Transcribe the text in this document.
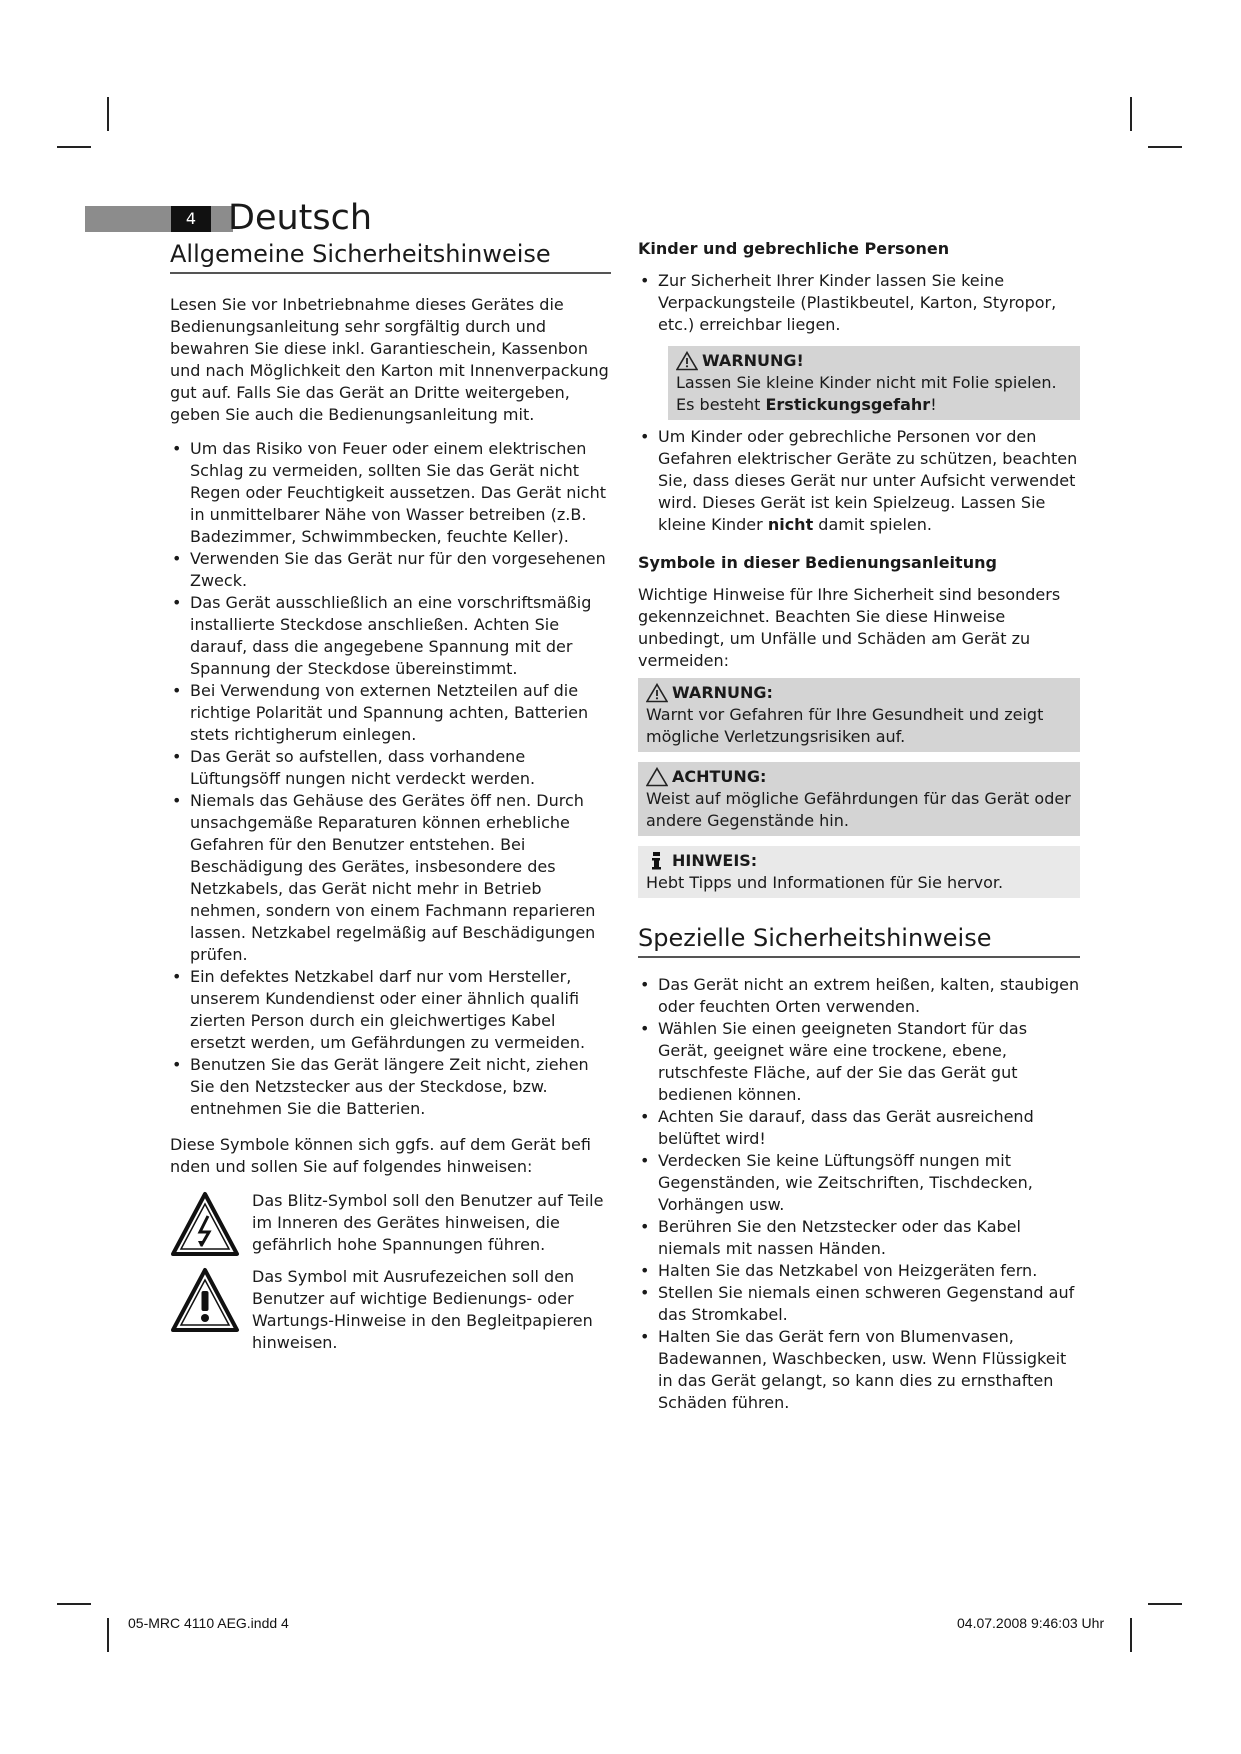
4 Deutsch
Allgemeine Sicherheitshinweise

Lesen Sie vor Inbetriebnahme dieses Gerätes die Bedienungsanleitung sehr sorgfältig durch und bewahren Sie diese inkl. Garantieschein, Kassenbon und nach Möglichkeit den Karton mit Innenverpackung gut auf. Falls Sie das Gerät an Dritte weitergeben, geben Sie auch die Bedienungsanleitung mit.

• Um das Risiko von Feuer oder einem elektrischen Schlag zu vermeiden, sollten Sie das Gerät nicht Regen oder Feuchtigkeit aussetzen. Das Gerät nicht in unmittelbarer Nähe von Wasser betreiben (z.B. Badezimmer, Schwimmbecken, feuchte Keller).
• Verwenden Sie das Gerät nur für den vorgesehenen Zweck.
• Das Gerät ausschließlich an eine vorschriftsmäßig installierte Steckdose anschließen. Achten Sie darauf, dass die angegebene Spannung mit der Spannung der Steckdose übereinstimmt.
• Bei Verwendung von externen Netzteilen auf die richtige Polarität und Spannung achten, Batterien stets richtigherum einlegen.
• Das Gerät so aufstellen, dass vorhandene Lüftungsöff nungen nicht verdeckt werden.
• Niemals das Gehäuse des Gerätes öff nen. Durch unsachgemäße Reparaturen können erhebliche Gefahren für den Benutzer entstehen. Bei Beschädigung des Gerätes, insbesondere des Netzkabels, das Gerät nicht mehr in Betrieb nehmen, sondern von einem Fachmann reparieren lassen. Netzkabel regelmäßig auf Beschädigungen prüfen.
• Ein defektes Netzkabel darf nur vom Hersteller, unserem Kundendienst oder einer ähnlich qualifi zierten Person durch ein gleichwertiges Kabel ersetzt werden, um Gefährdungen zu vermeiden.
• Benutzen Sie das Gerät längere Zeit nicht, ziehen Sie den Netzstecker aus der Steckdose, bzw. entnehmen Sie die Batterien.

Diese Symbole können sich ggfs. auf dem Gerät befi nden und sollen Sie auf folgendes hinweisen:

Das Blitz-Symbol soll den Benutzer auf Teile im Inneren des Gerätes hinweisen, die gefährlich hohe Spannungen führen.

Das Symbol mit Ausrufezeichen soll den Benutzer auf wichtige Bedienungs- oder Wartungs-Hinweise in den Begleitpapieren hinweisen.

Kinder und gebrechliche Personen
• Zur Sicherheit Ihrer Kinder lassen Sie keine Verpackungsteile (Plastikbeutel, Karton, Styropor, etc.) erreichbar liegen.
WARNUNG!

Lassen Sie kleine Kinder nicht mit Folie spielen.

Es besteht Erstickungsgefahr!

• Um Kinder oder gebrechliche Personen vor den Gefahren elektrischer Geräte zu schützen, beachten Sie, dass dieses Gerät nur unter Aufsicht verwendet wird. Dieses Gerät ist kein Spielzeug. Lassen Sie kleine Kinder nicht damit spielen.
Symbole in dieser Bedienungsanleitung

Wichtige Hinweise für Ihre Sicherheit sind besonders gekennzeichnet. Beachten Sie diese Hinweise unbedingt, um Unfälle und Schäden am Gerät zu vermeiden:

WARNUNG:

Warnt vor Gefahren für Ihre Gesundheit und zeigt mögliche Verletzungsrisiken auf.

ACHTUNG:

Weist auf mögliche Gefährdungen für das Gerät oder andere Gegenstände hin.

HINWEIS:

Hebt Tipps und Informationen für Sie hervor.

Spezielle Sicherheitshinweise
• Das Gerät nicht an extrem heißen, kalten, staubigen oder feuchten Orten verwenden.
• Wählen Sie einen geeigneten Standort für das Gerät, geeignet wäre eine trockene, ebene, rutschfeste Fläche, auf der Sie das Gerät gut bedienen können.
• Achten Sie darauf, dass das Gerät ausreichend belüftet wird!
• Verdecken Sie keine Lüftungsöff nungen mit Gegenständen, wie Zeitschriften, Tischdecken, Vorhängen usw.
• Berühren Sie den Netzstecker oder das Kabel niemals mit nassen Händen.
• Halten Sie das Netzkabel von Heizgeräten fern.
• Stellen Sie niemals einen schweren Gegenstand auf das Stromkabel.
• Halten Sie das Gerät fern von Blumenvasen, Badewannen, Waschbecken, usw. Wenn Flüssigkeit in das Gerät gelangt, so kann dies zu ernsthaften Schäden führen.
05-MRC 4110 AEG.indd 4	04.07.2008 9:46:03 Uhr
